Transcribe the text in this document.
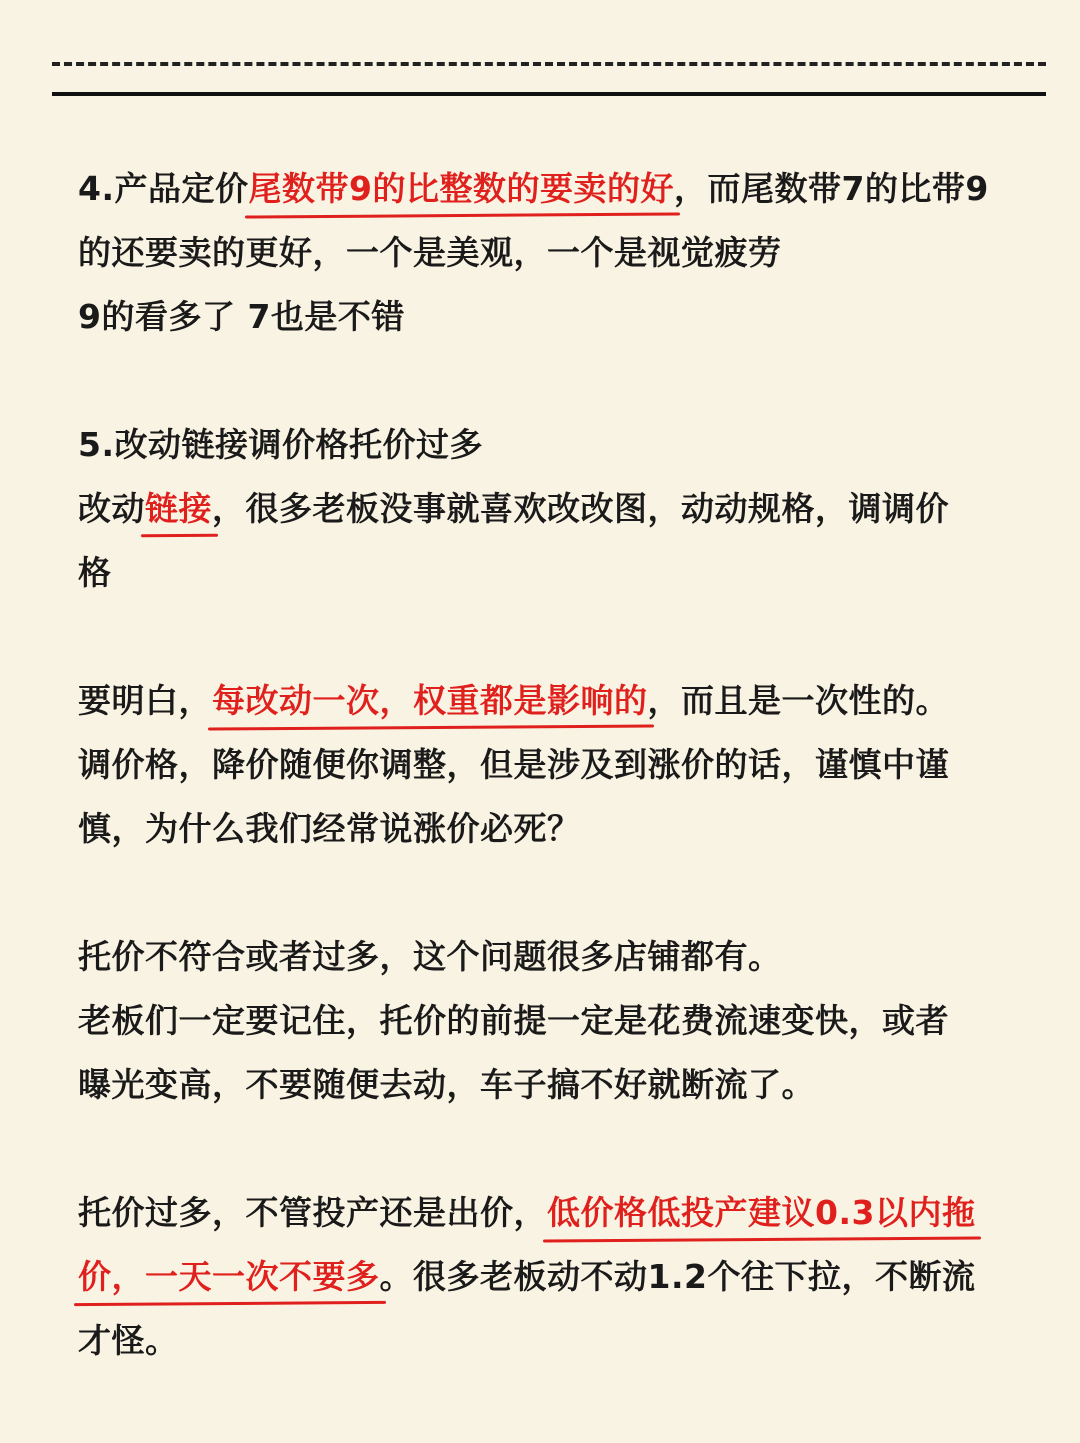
4.产品定价尾数带9的比整数的要卖的好，而尾数带7的比带9
的还要卖的更好，一个是美观，一个是视觉疲劳
9的看多了 7也是不错
5.改动链接调价格托价过多
改动链接，很多老板没事就喜欢改改图，动动规格，调调价
格
要明白，每改动一次，权重都是影响的，而且是一次性的。
调价格，降价随便你调整，但是涉及到涨价的话，谨慎中谨
慎，为什么我们经常说涨价必死？
托价不符合或者过多，这个问题很多店铺都有。
老板们一定要记住，托价的前提一定是花费流速变快，或者
曝光变高，不要随便去动，车子搞不好就断流了。
托价过多，不管投产还是出价，低价格低投产建议0.3以内拖
价，一天一次不要多。很多老板动不动1.2个往下拉，不断流
才怪。
